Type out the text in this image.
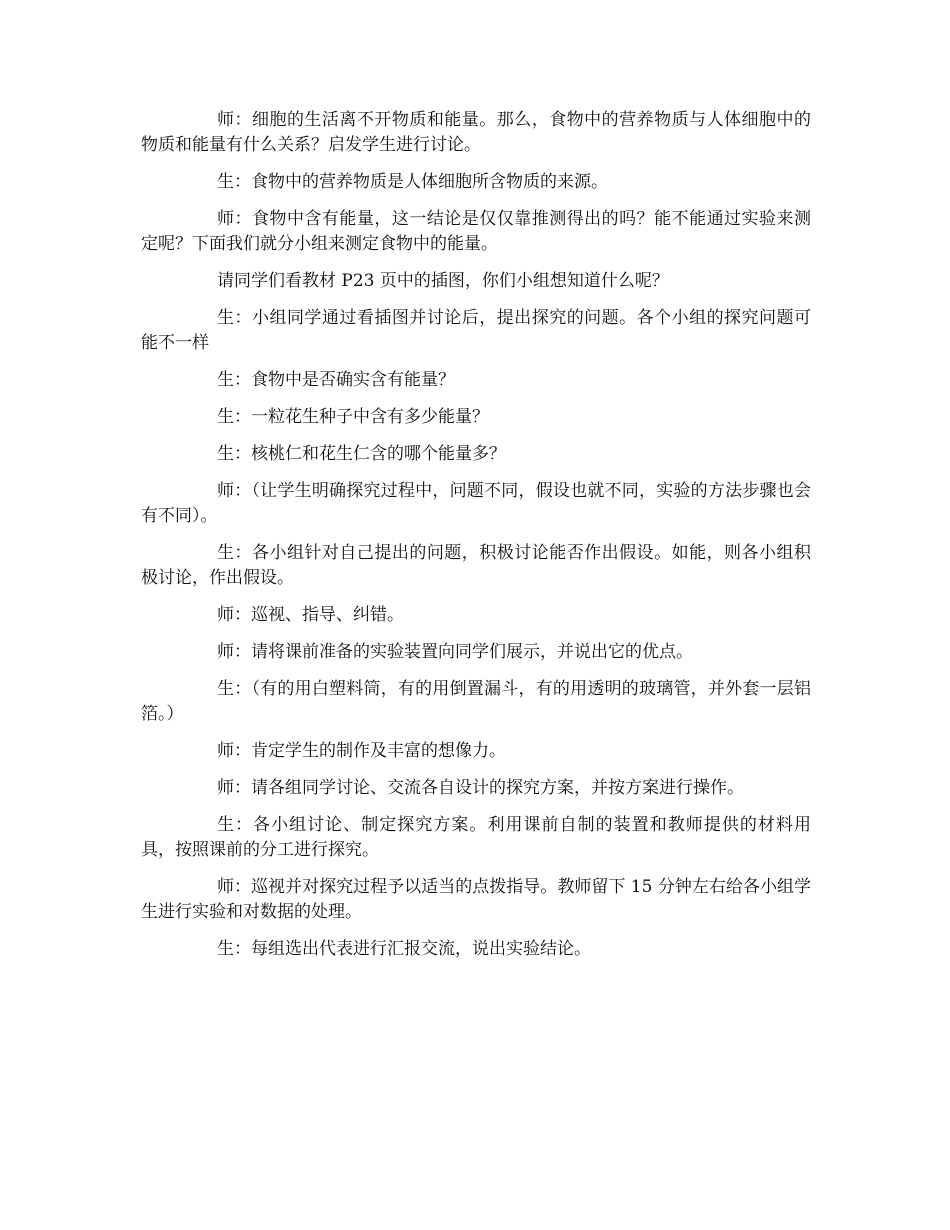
师：细胞的生活离不开物质和能量。那么，食物中的营养物质与人体细胞中的物质和能量有什么关系？启发学生进行讨论。

生：食物中的营养物质是人体细胞所含物质的来源。

师：食物中含有能量，这一结论是仅仅靠推测得出的吗？能不能通过实验来测定呢？下面我们就分小组来测定食物中的能量。

请同学们看教材 P23 页中的插图，你们小组想知道什么呢？

生：小组同学通过看插图并讨论后，提出探究的问题。各个小组的探究问题可能不一样

生：食物中是否确实含有能量？

生：一粒花生种子中含有多少能量？

生：核桃仁和花生仁含的哪个能量多？

师：（让学生明确探究过程中，问题不同，假设也就不同，实验的方法步骤也会有不同）。

生：各小组针对自己提出的问题，积极讨论能否作出假设。如能，则各小组积极讨论，作出假设。

师：巡视、指导、纠错。

师：请将课前准备的实验装置向同学们展示，并说出它的优点。

生：（有的用白塑料筒，有的用倒置漏斗，有的用透明的玻璃管，并外套一层铝箔。）

师：肯定学生的制作及丰富的想像力。

师：请各组同学讨论、交流各自设计的探究方案，并按方案进行操作。

生：各小组讨论、制定探究方案。利用课前自制的装置和教师提供的材料用具，按照课前的分工进行探究。

师：巡视并对探究过程予以适当的点拨指导。教师留下 15 分钟左右给各小组学生进行实验和对数据的处理。

生：每组选出代表进行汇报交流，说出实验结论。
